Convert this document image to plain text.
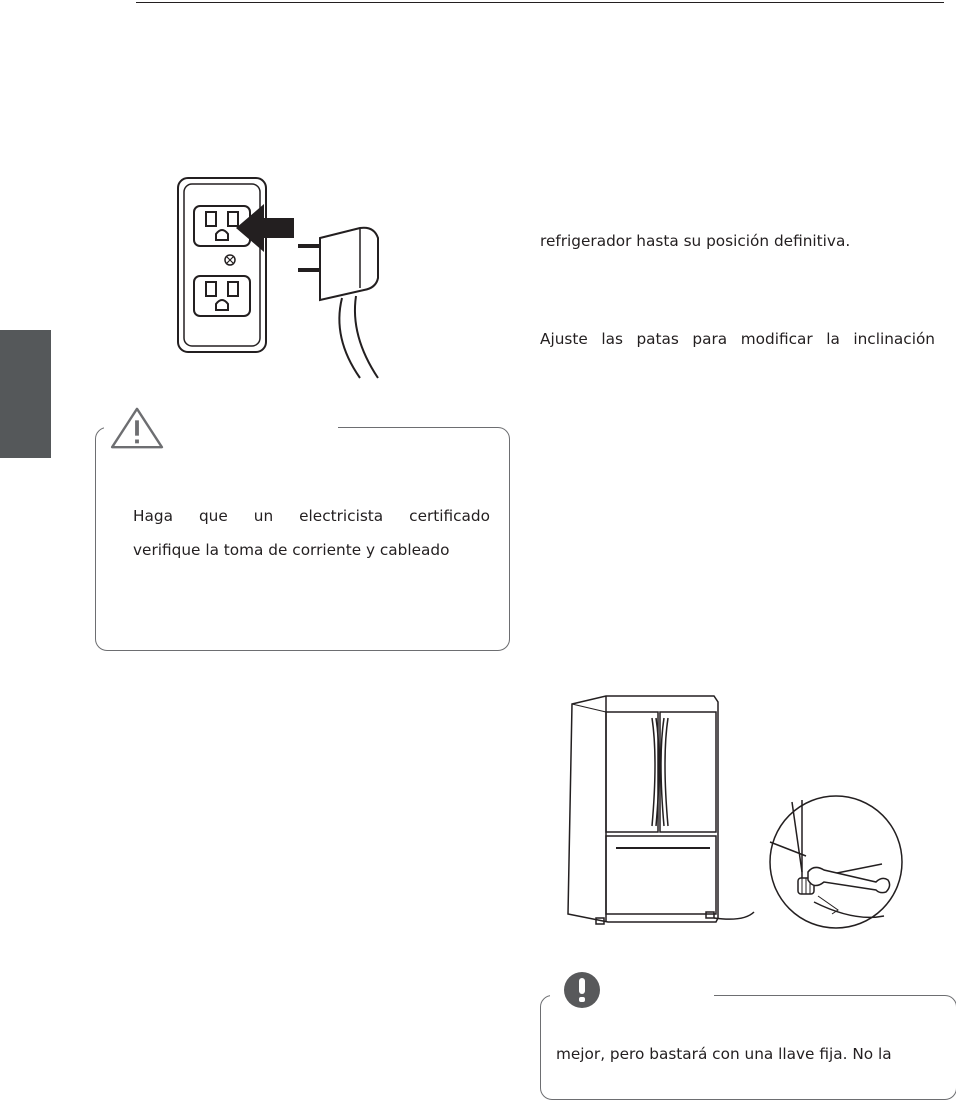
refrigerador hasta su posición definitiva.

Ajuste las patas para modificar la inclinación

Haga que un electricista certificado

verifique la toma de corriente y cableado

mejor, pero bastará con una llave fija. No la
